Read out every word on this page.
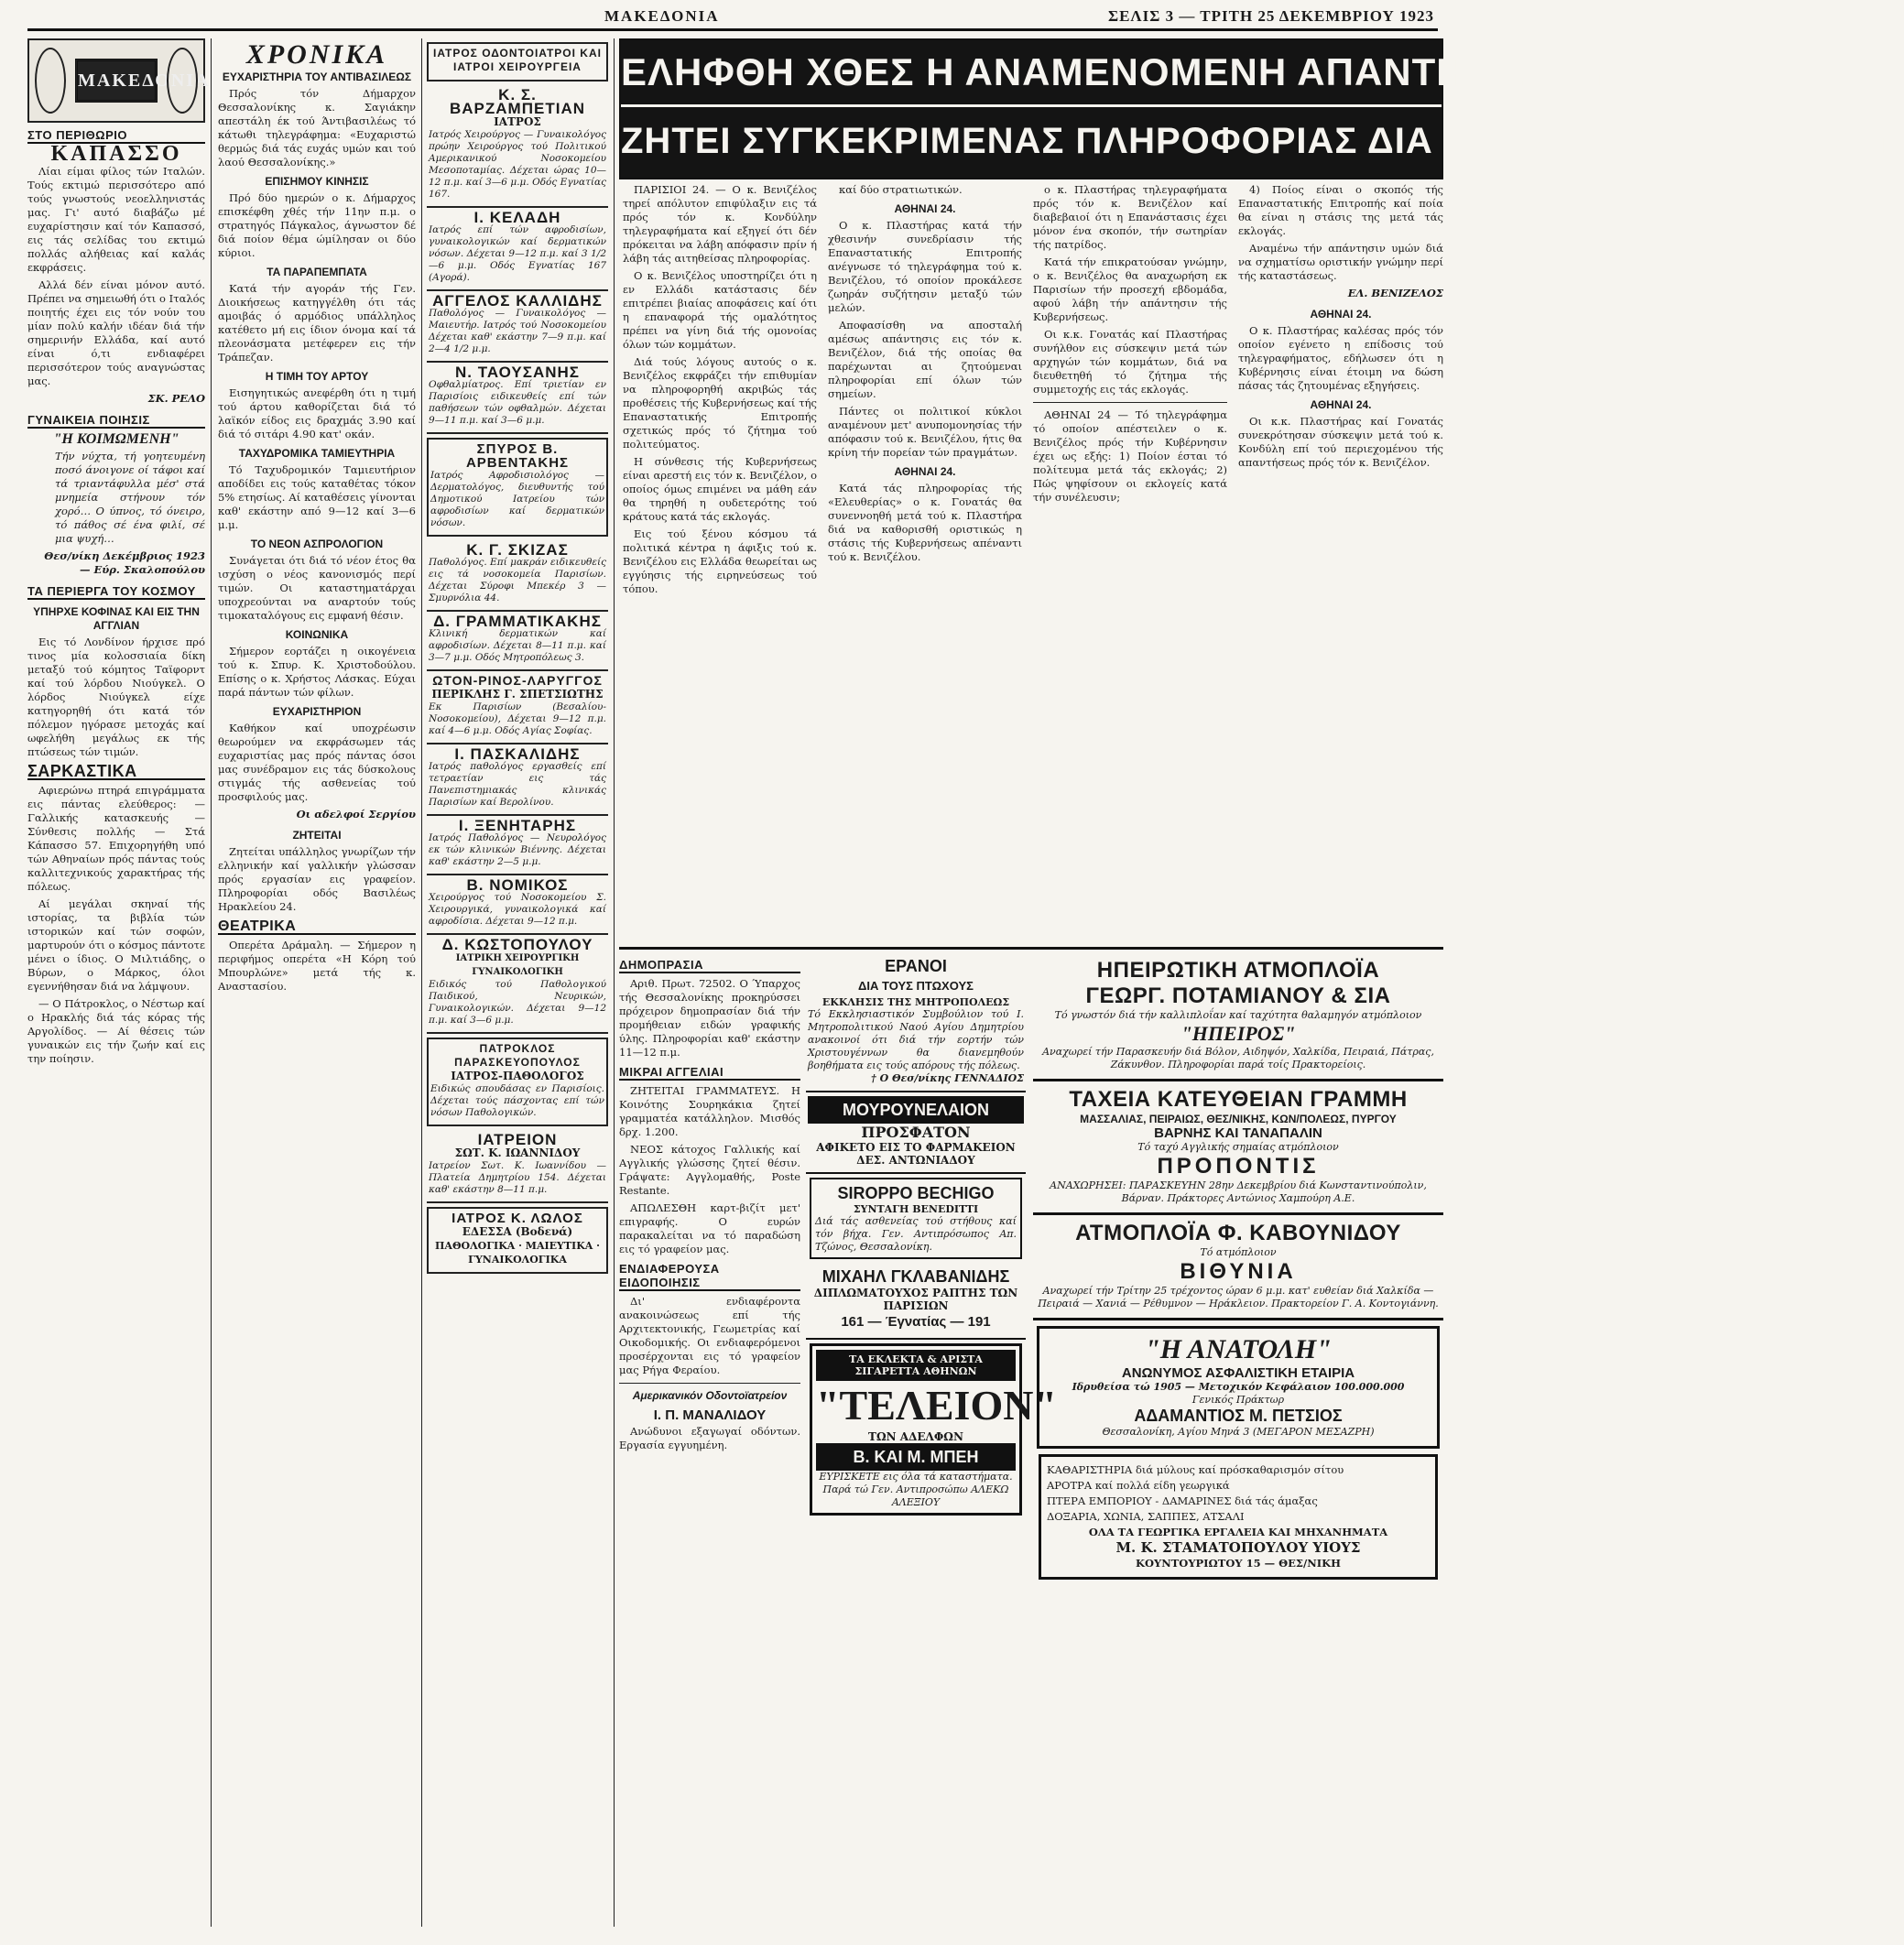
ΜΑΚΕΔΟΝΙΑ	ΣΕΛΙΣ 3 — ΤΡΙΤΗ 25 ΔΕΚΕΜΒΡΙΟΥ 1923
ΜΑΚΕΔΟΝΙΑ
ΣΤΟ ΠΕΡΙΘΩΡΙΟ
ΚΑΠΑΣΣΟ

Λίαι είμαι φίλος τών Ιταλών. Τούς εκτιμώ περισσότερο από τούς γνωστούς νεοελληνιστάς μας. Γι' αυτό διαβάζω μέ ευχαρίστησιν καί τόν Καπασσό, εις τάς σελίδας του εκτιμώ πολλάς αλήθειας καί καλάς εκφράσεις.

Αλλά δέν είναι μόνον αυτό. Πρέπει να σημειωθή ότι ο Ιταλός ποιητής έχει εις τόν νούν του μίαν πολύ καλήν ιδέαν διά τήν σημερινήν Ελλάδα, καί αυτό είναι ό,τι ενδιαφέρει περισσότερον τούς αναγνώστας μας.

ΣΚ. ΡΕΛΟ

ΓΥΝΑΙΚΕΙΑ ΠΟΙΗΣΙΣ
"Η ΚΟΙΜΩΜΕΝΗ"

Τήν νύχτα, τή γοητευμένη ποσό άνοιγονε οί τάφοι καί τά τριαντάφυλλα μέσ' στά μνημεία στήνουν τόν χορό… Ο ύπνος, τό όνειρο, τό πάθος σέ ένα φιλί, σέ μια ψυχή…

Θεσ/νίκη Δεκέμβριος 1923 — Εύρ. Σκαλοπούλου

ΤΑ ΠΕΡΙΕΡΓΑ ΤΟΥ ΚΟΣΜΟΥ
ΥΠΗΡΧΕ ΚΟΦΙΝΑΣ ΚΑΙ ΕΙΣ ΤΗΝ ΑΓΓΛΙΑΝ

Εις τό Λονδίνον ήρχισε πρό τινος μία κολοσσιαία δίκη μεταξύ τού κόμητος Ταϊφορντ καί τού λόρδου Νιούγκελ. Ο λόρδος Νιούγκελ είχε κατηγορηθή ότι κατά τόν πόλεμον ηγόρασε μετοχάς καί ωφελήθη μεγάλως εκ τής πτώσεως τών τιμών.

ΣΑΡΚΑΣΤΙΚΑ

Αφιερώνω πτηρά επιγράμματα εις πάντας ελεύθερος: — Γαλλικής κατασκευής — Σύνθεσις πολλής — Στά Κάπασσο 57. Επιχορηγήθη υπό τών Αθηναίων πρός πάντας τούς καλλιτεχνικούς χαρακτήρας τής πόλεως.

Αί μεγάλαι σκηναί τής ιστορίας, τα βιβλία τών ιστορικών καί τών σοφών, μαρτυρούν ότι ο κόσμος πάντοτε μένει ο ίδιος. Ο Μιλτιάδης, ο Βύρων, ο Μάρκος, όλοι εγεννήθησαν διά να λάμψουν.

— Ο Πάτροκλος, ο Νέστωρ καί ο Ηρακλής διά τάς κόρας τής Αργολίδος. — Αί θέσεις τών γυναικών εις τήν ζωήν καί εις την ποίησιν.

ΧΡΟΝΙΚΑ
ΕΥΧΑΡΙΣΤΗΡΙΑ ΤΟΥ ΑΝΤΙΒΑΣΙΛΕΩΣ

Πρός τόν Δήμαρχον Θεσσαλονίκης κ. Σαγιάκην απεστάλη έκ τού Άντιβασιλέως τό κάτωθι τηλεγράφημα: «Ευχαριστώ θερμώς διά τάς ευχάς υμών και τού λαού Θεσσαλονίκης.»

ΕΠΙΣΗΜΟΥ ΚΙΝΗΣΙΣ

Πρό δύο ημερών ο κ. Δήμαρχος επισκέφθη χθές τήν 11ην π.μ. ο στρατηγός Πάγκαλος, άγνωστον δέ διά ποίον θέμα ώμίλησαν οι δύο κύριοι.

ΤΑ ΠΑΡΑΠΕΜΠΑΤΑ

Κατά τήν αγοράν τής Γεν. Διοικήσεως κατηγγέλθη ότι τάς αμοιβάς ό αρμόδιος υπάλληλος κατέθετο μή εις ίδιον όνομα καί τά πλεονάσματα μετέφερεν εις τήν Τράπεζαν.

Η ΤΙΜΗ ΤΟΥ ΑΡΤΟΥ

Εισηγητικώς ανεφέρθη ότι η τιμή τού άρτου καθορίζεται διά τό λαϊκόν είδος εις δραχμάς 3.90 καί διά τό σιτάρι 4.90 κατ' οκάν.

ΤΑΧΥΔΡΟΜΙΚΑ ΤΑΜΙΕΥΤΗΡΙΑ

Τό Ταχυδρομικόν Ταμιευτήριον αποδίδει εις τούς καταθέτας τόκον 5% ετησίως. Αί καταθέσεις γίνονται καθ' εκάστην από 9—12 καί 3—6 μ.μ.

ΤΟ ΝΕΟΝ ΑΣΠΡΟΛΟΓΙΟΝ

Συνάγεται ότι διά τό νέον έτος θα ισχύση ο νέος κανονισμός περί τιμών. Οι καταστηματάρχαι υποχρεούνται να αναρτούν τούς τιμοκαταλόγους εις εμφανή θέσιν.

ΚΟΙΝΩΝΙΚΑ

Σήμερον εορτάζει η οικογένεια τού κ. Σπυρ. Κ. Χριστοδούλου. Επίσης ο κ. Χρήστος Λάσκας. Εύχαι παρά πάντων τών φίλων.

ΕΥΧΑΡΙΣΤΗΡΙΟΝ

Καθήκον καί υποχρέωσιν θεωρούμεν να εκφράσωμεν τάς ευχαριστίας μας πρός πάντας όσοι μας συνέδραμον εις τάς δύσκολους στιγμάς τής ασθενείας τού προσφιλούς μας.

Οι αδελφοί Σεργίου

ΖΗΤΕΙΤΑΙ

Ζητείται υπάλληλος γνωρίζων τήν ελληνικήν καί γαλλικήν γλώσσαν πρός εργασίαν εις γραφείον. Πληροφορίαι οδός Βασιλέως Ηρακλείου 24.

ΘΕΑΤΡΙΚΑ

Οπερέτα Δράμαλη. — Σήμερον η περιφήμος οπερέτα «Η Κόρη τού Μπουρλώνε» μετά τής κ. Αναστασίου.

ΙΑΤΡΟΣ ΟΔΟΝΤΟΙΑΤΡΟΙ ΚΑΙ ΙΑΤΡΟΙ ΧΕΙΡΟΥΡΓΕΙΑ
Κ. Σ. ΒΑΡΖΑΜΠΕΤΙΑΝ
ΙΑΤΡΟΣ
Ιατρός Χειρούργος — Γυναικολόγος πρώην Χειρούργος τού Πολιτικού Αμερικανικού Νοσοκομείου Μεσοποταμίας. Δέχεται ώρας 10—12 π.μ. καί 3—6 μ.μ. Οδός Εγνατίας 167.
Ι. ΚΕΛΑΔΗ
Ιατρός επί τών αφροδισίων, γυναικολογικών καί δερματικών νόσων. Δέχεται 9—12 π.μ. καί 3 1/2—6 μ.μ. Οδός Εγνατίας 167 (Αγορά).
ΑΓΓΕΛΟΣ ΚΑΛΛΙΔΗΣ
Παθολόγος — Γυναικολόγος — Μαιευτήρ. Ιατρός τού Νοσοκομείου Δέχεται καθ' εκάστην 7—9 π.μ. καί 2—4 1/2 μ.μ.
Ν. ΤΑΟΥΣΑΝΗΣ
Οφθαλμίατρος. Επί τριετίαν εν Παρισίοις ειδικευθείς επί τών παθήσεων τών οφθαλμών. Δέχεται 9—11 π.μ. καί 3—6 μ.μ.
ΣΠΥΡΟΣ Β. ΑΡΒΕΝΤΑΚΗΣ
Ιατρός Αφροδισιολόγος — Δερματολόγος, διευθυντής τού Δημοτικού Ιατρείου τών αφροδισίων καί δερματικών νόσων.
Κ. Γ. ΣΚΙΖΑΣ
Παθολόγος. Επί μακράν ειδικευθείς εις τά νοσοκομεία Παρισίων. Δέχεται Σύροφι Μπεκέρ 3 — Σμυρνόλια 44.
Δ. ΓΡΑΜΜΑΤΙΚΑΚΗΣ
Κλινική δερματικών καί αφροδισίων. Δέχεται 8—11 π.μ. καί 3—7 μ.μ. Οδός Μητροπόλεως 3.
ΩΤΟΝ-ΡΙΝΟΣ-ΛΑΡΥΓΓΟΣ
ΠΕΡΙΚΛΗΣ Γ. ΣΠΕΤΣΙΩΤΗΣ
Εκ Παρισίων (Βεσαλίου-Νοσοκομείου), Δέχεται 9—12 π.μ. καί 4—6 μ.μ. Οδός Αγίας Σοφίας.
Ι. ΠΑΣΚΑΛΙΔΗΣ
Ιατρός παθολόγος εργασθείς επί τετραετίαν εις τάς Πανεπιστημιακάς κλινικάς Παρισίων καί Βερολίνου.
Ι. ΞΕΝΗΤΑΡΗΣ
Ιατρός Παθολόγος — Νευρολόγος εκ τών κλινικών Βιέννης. Δέχεται καθ' εκάστην 2—5 μ.μ.
Β. ΝΟΜΙΚΟΣ
Χειρούργος τού Νοσοκομείου Σ. Χειρουργικά, γυναικολογικά καί αφροδίσια. Δέχεται 9—12 π.μ.
Δ. ΚΩΣΤΟΠΟΥΛΟΥ
ΙΑΤΡΙΚΗ ΧΕΙΡΟΥΡΓΙΚΗ ΓΥΝΑΙΚΟΛΟΓΙΚΗ
Ειδικός τού Παθολογικού Παιδικού, Νευρικών, Γυναικολογικών. Δέχεται 9—12 π.μ. καί 3—6 μ.μ.
ΠΑΤΡΟΚΛΟΣ ΠΑΡΑΣΚΕΥΟΠΟΥΛΟΣ
ΙΑΤΡΟΣ-ΠΑΘΟΛΟΓΟΣ
Ειδικώς σπουδάσας εν Παρισίοις. Δέχεται τούς πάσχοντας επί τών νόσων Παθολογικών.
ΙΑΤΡΕΙΟΝ
ΣΩΤ. Κ. ΙΩΑΝΝΙΔΟΥ
Ιατρείον Σωτ. Κ. Ιωαννίδου — Πλατεία Δημητρίου 154. Δέχεται καθ' εκάστην 8—11 π.μ.
ΙΑΤΡΟΣ Κ. ΛΩΛΟΣ
ΕΔΕΣΣΑ (Βοδενά)
ΠΑΘΟΛΟΓΙΚΑ · ΜΑΙΕΥΤΙΚΑ · ΓΥΝΑΙΚΟΛΟΓΙΚΑ
ΕΛΗΦΘΗ ΧΘΕΣ Η ΑΝΑΜΕΝΟΜΕΝΗ ΑΠΑΝΤΗΣΙΣ ΤΟΥ κ. ΒΕΝΙΖΕΛΟΥ
ΖΗΤΕΙ ΣΥΓΚΕΚΡΙΜΕΝΑΣ ΠΛΗΡΟΦΟΡΙΑΣ ΔΙΑ ΝΑ ΣΧΗΜΑΤΙΣΗ ΓΝΩΜΗΝ

ΠΑΡΙΣΙΟΙ 24. — Ο κ. Βενιζέλος τηρεί απόλυτον επιφύλαξιν εις τά πρός τόν κ. Κονδύλην τηλεγραφήματα καί εξηγεί ότι δέν πρόκειται να λάβη απόφασιν πρίν ή λάβη τάς αιτηθείσας πληροφορίας.

Ο κ. Βενιζέλος υποστηρίζει ότι η εν Ελλάδι κατάστασις δέν επιτρέπει βιαίας αποφάσεις καί ότι η επαναφορά τής ομαλότητος πρέπει να γίνη διά τής ομονοίας όλων τών κομμάτων.

Διά τούς λόγους αυτούς ο κ. Βενιζέλος εκφράζει τήν επιθυμίαν να πληροφορηθή ακριβώς τάς προθέσεις τής Κυβερνήσεως καί τής Επαναστατικής Επιτροπής σχετικώς πρός τό ζήτημα τού πολιτεύματος.

Η σύνθεσις τής Κυβερνήσεως είναι αρεστή εις τόν κ. Βενιζέλον, ο οποίος όμως επιμένει να μάθη εάν θα τηρηθή η ουδετερότης τού κράτους κατά τάς εκλογάς.

Εις τού ξένου κόσμου τά πολιτικά κέντρα η άφιξις τού κ. Βενιζέλου εις Ελλάδα θεωρείται ως εγγύησις τής ειρηνεύσεως τού τόπου.

καί δύο στρατιωτικών.

ΑΘΗΝΑΙ 24.

Ο κ. Πλαστήρας κατά τήν χθεσινήν συνεδρίασιν τής Επαναστατικής Επιτροπής ανέγνωσε τό τηλεγράφημα τού κ. Βενιζέλου, τό οποίον προκάλεσε ζωηράν συζήτησιν μεταξύ τών μελών.

Αποφασίσθη να αποσταλή αμέσως απάντησις εις τόν κ. Βενιζέλον, διά τής οποίας θα παρέχωνται αι ζητούμεναι πληροφορίαι επί όλων τών σημείων.

Πάντες οι πολιτικοί κύκλοι αναμένουν μετ' ανυπομονησίας τήν απόφασιν τού κ. Βενιζέλου, ήτις θα κρίνη τήν πορείαν τών πραγμάτων.

ΑΘΗΝΑΙ 24.

Κατά τάς πληροφορίας τής «Ελευθερίας» ο κ. Γονατάς θα συνεννοηθή μετά τού κ. Πλαστήρα διά να καθορισθή οριστικώς η στάσις τής Κυβερνήσεως απέναντι τού κ. Βενιζέλου.

ο κ. Πλαστήρας τηλεγραφήματα πρός τόν κ. Βενιζέλον καί διαβεβαιοί ότι η Επανάστασις έχει μόνον ένα σκοπόν, τήν σωτηρίαν τής πατρίδος.

Κατά τήν επικρατούσαν γνώμην, ο κ. Βενιζέλος θα αναχωρήση εκ Παρισίων τήν προσεχή εβδομάδα, αφού λάβη τήν απάντησιν τής Κυβερνήσεως.

Οι κ.κ. Γονατάς καί Πλαστήρας συνήλθον εις σύσκεψιν μετά τών αρχηγών τών κομμάτων, διά να διευθετηθή τό ζήτημα τής συμμετοχής εις τάς εκλογάς.

ΑΘΗΝΑΙ 24 — Τό τηλεγράφημα τό οποίον απέστειλεν ο κ. Βενιζέλος πρός τήν Κυβέρνησιν έχει ως εξής: 1) Ποίον έσται τό πολίτευμα μετά τάς εκλογάς; 2) Πώς ψηφίσουν οι εκλογείς κατά τήν συνέλευσιν;

4) Ποίος είναι ο σκοπός τής Επαναστατικής Επιτροπής καί ποία θα είναι η στάσις της μετά τάς εκλογάς.

Αναμένω τήν απάντησιν υμών διά να σχηματίσω οριστικήν γνώμην περί τής καταστάσεως.

ΕΛ. ΒΕΝΙΖΕΛΟΣ

ΑΘΗΝΑΙ 24.

Ο κ. Πλαστήρας καλέσας πρός τόν οποίον εγένετο η επίδοσις τού τηλεγραφήματος, εδήλωσεν ότι η Κυβέρνησις είναι έτοιμη να δώση πάσας τάς ζητουμένας εξηγήσεις.

ΑΘΗΝΑΙ 24.

Οι κ.κ. Πλαστήρας καί Γονατάς συνεκρότησαν σύσκεψιν μετά τού κ. Κονδύλη επί τού περιεχομένου τής απαντήσεως πρός τόν κ. Βενιζέλον.

ΔΗΜΟΠΡΑΣΙΑ

Αριθ. Πρωτ. 72502. Ο Ύπαρχος τής Θεσσαλονίκης προκηρύσσει πρόχειρον δημοπρασίαν διά τήν προμήθειαν ειδών γραφικής ύλης. Πληροφορίαι καθ' εκάστην 11—12 π.μ.

ΜΙΚΡΑΙ ΑΓΓΕΛΙΑΙ

ΖΗΤΕΙΤΑΙ ΓΡΑΜΜΑΤΕΥΣ. Η Κοινότης Σουρηκάκια ζητεί γραμματέα κατάλληλον. Μισθός δρχ. 1.200.

ΝΕΟΣ κάτοχος Γαλλικής καί Αγγλικής γλώσσης ζητεί θέσιν. Γράψατε: Αγγλομαθής, Poste Restante.

ΑΠΩΛΕΣΘΗ καρτ-βιζίτ μετ' επιγραφής. Ο ευρών παρακαλείται να τό παραδώση εις τό γραφείον μας.

ΕΝΔΙΑΦΕΡΟΥΣΑ ΕΙΔΟΠΟΙΗΣΙΣ

Δι' ενδιαφέροντα ανακοινώσεως επί τής Αρχιτεκτονικής, Γεωμετρίας καί Οικοδομικής. Οι ενδιαφερόμενοι προσέρχονται εις τό γραφείον μας Ρήγα Φεραίου.

Αμερικανικόν Οδοντοϊατρείον
Ι. Π. ΜΑΝΑΛΙΔΟΥ

Ανώδυνοι εξαγωγαί οδόντων. Εργασία εγγυημένη.

ΕΡΑΝΟΙ
ΔΙΑ ΤΟΥΣ ΠΤΩΧΟΥΣ
ΕΚΚΛΗΣΙΣ ΤΗΣ ΜΗΤΡΟΠΟΛΕΩΣ
Τό Εκκλησιαστικόν Συμβούλιον τού Ι. Μητροπολιτικού Ναού Αγίου Δημητρίου ανακοινοί ότι διά τήν εορτήν τών Χριστουγέννων θα διανεμηθούν βοηθήματα εις τούς απόρους τής πόλεως.
† Ο Θεσ/νίκης ΓΕΝΝΑΔΙΟΣ
ΜΟΥΡΟΥΝΕΛΑΙΟΝ
ΠΡΟΣΦΑΤΟΝ
ΑΦΙΚΕΤΟ ΕΙΣ ΤΟ ΦΑΡΜΑΚΕΙΟΝ ΔΕΣ. ΑΝΤΩΝΙΑΔΟΥ
SIROPPO BECHIGO
ΣΥΝΤΑΓΗ BENEDITTI
Διά τάς ασθενείας τού στήθους καί τόν βήχα. Γεν. Αντιπρόσωπος Απ. Τζώνος, Θεσσαλονίκη.
ΜΙΧΑΗΛ ΓΚΛΑΒΑΝΙΔΗΣ
ΔΙΠΛΩΜΑΤΟΥΧΟΣ ΡΑΠΤΗΣ ΤΩΝ ΠΑΡΙΣΙΩΝ
161 — Έγνατίας — 191
ΤΑ ΕΚΛΕΚΤΑ & ΑΡΙΣΤΑ ΣΙΓΑΡΕΤΤΑ ΑΘΗΝΩΝ
"ΤΕΛΕΙΟΝ"
ΤΩΝ ΑΔΕΛΦΩΝ
Β. ΚΑΙ Μ. ΜΠΕΗ
ΕΥΡΙΣΚΕΤΕ εις όλα τά καταστήματα. Παρά τώ Γεν. Αντιπροσώπω ΑΛΕΚΩ ΑΛΕΞΙΟΥ
ΗΠΕΙΡΩΤΙΚΗ ΑΤΜΟΠΛΟΪΑ
ΓΕΩΡΓ. ΠΟΤΑΜΙΑΝΟΥ & ΣΙΑ
Τό γνωστόν διά τήν καλλιπλοΐαν καί ταχύτητα θαλαμηγόν ατμόπλοιον
"ΗΠΕΙΡΟΣ"
Αναχωρεί τήν Παρασκευήν διά Βόλον, Αιδηψόν, Χαλκίδα, Πειραιά, Πάτρας, Ζάκυνθον. Πληροφορίαι παρά τοίς Πρακτορείοις.
ΤΑΧΕΙΑ ΚΑΤΕΥΘΕΙΑΝ ΓΡΑΜΜΗ
ΜΑΣΣΑΛΙΑΣ, ΠΕΙΡΑΙΩΣ, ΘΕΣ/ΝΙΚΗΣ, ΚΩΝ/ΠΟΛΕΩΣ, ΠΥΡΓΟΥ
ΒΑΡΝΗΣ ΚΑΙ ΤΑΝΑΠΑΛΙΝ
Τό ταχύ Αγγλικής σημαίας ατμόπλοιον
ΠΡΟΠΟΝΤΙΣ
ΑΝΑΧΩΡΗΣΕΙ: ΠΑΡΑΣΚΕΥΗΝ 28ην Δεκεμβρίου διά Κωνσταντινούπολιν, Βάρναν. Πράκτορες Αντώνιος Χαμπούρη Α.Ε.
ΑΤΜΟΠΛΟΪΑ Φ. ΚΑΒΟΥΝΙΔΟΥ
Τό ατμόπλοιον
ΒΙΘΥΝΙΑ
Αναχωρεί τήν Τρίτην 25 τρέχοντος ώραν 6 μ.μ. κατ' ευθείαν διά Χαλκίδα — Πειραιά — Χανιά — Ρέθυμνον — Ηράκλειον. Πρακτορείον Γ. Α. Κοντογιάννη.
"Η ΑΝΑΤΟΛΗ"
ΑΝΩΝΥΜΟΣ ΑΣΦΑΛΙΣΤΙΚΗ ΕΤΑΙΡΙΑ
Ιδρυθείσα τώ 1905 — Μετοχικόν Κεφάλαιον 100.000.000
Γενικός Πράκτωρ
ΑΔΑΜΑΝΤΙΟΣ Μ. ΠΕΤΣΙΟΣ
Θεσσαλονίκη, Αγίου Μηνά 3 (ΜΕΓΑΡΟΝ ΜΕΣΑΖΡΗ)
ΚΑΘΑΡΙΣΤΗΡΙΑ διά μύλους καί πρόσκαθαρισμόν σίτου
ΑΡΟΤΡΑ καί πολλά είδη γεωργικά
ΠΤΕΡΑ ΕΜΠΟΡΙΟΥ - ΔΑΜΑΡΙΝΕΣ διά τάς άμαξας
ΔΟΞΑΡΙΑ, ΧΩΝΙΑ, ΣΑΠΠΕΣ, ΑΤΣΑΛΙ
ΟΛΑ ΤΑ ΓΕΩΡΓΙΚΑ ΕΡΓΑΛΕΙΑ ΚΑΙ ΜΗΧΑΝΗΜΑΤΑ
Μ. Κ. ΣΤΑΜΑΤΟΠΟΥΛΟΥ ΥΙΟΥΣ
ΚΟΥΝΤΟΥΡΙΩΤΟΥ 15 — ΘΕΣ/ΝΙΚΗ
